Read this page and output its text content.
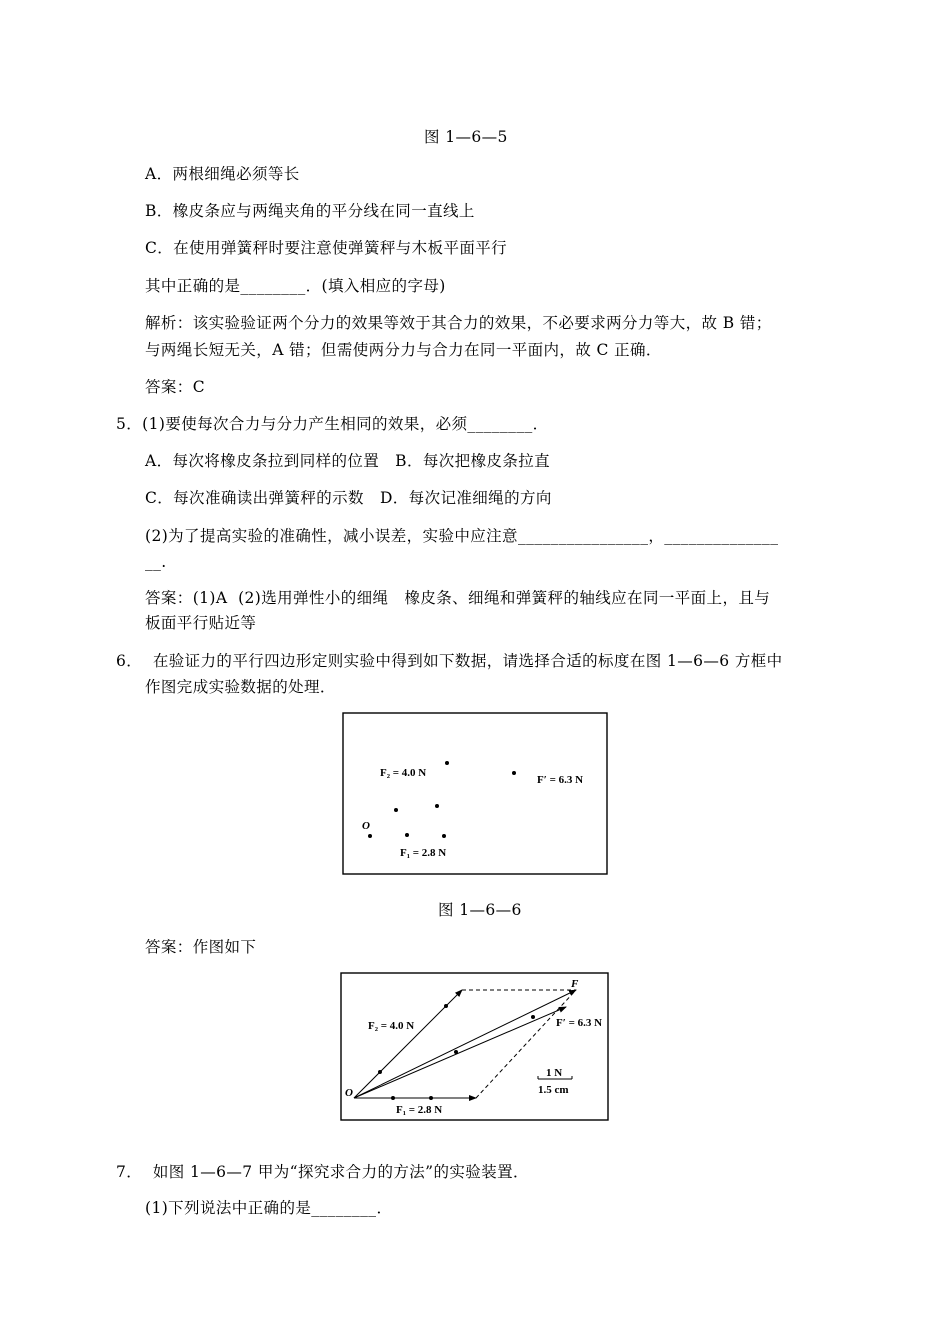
图 1—6—5
A．两根细绳必须等长
B．橡皮条应与两绳夹角的平分线在同一直线上
C．在使用弹簧秤时要注意使弹簧秤与木板平面平行
其中正确的是________．(填入相应的字母)
解析：该实验验证两个分力的效果等效于其合力的效果，不必要求两分力等大，故 B 错；
与两绳长短无关，A 错；但需使两分力与合力在同一平面内，故 C 正确．
答案：C
5．(1)要使每次合力与分力产生相同的效果，必须________．
A．每次将橡皮条拉到同样的位置   B．每次把橡皮条拉直
C．每次准确读出弹簧秤的示数   D．每次记准细绳的方向
(2)为了提高实验的准确性，减小误差，实验中应注意________________，______________
__.
答案：(1)A  (2)选用弹性小的细绳   橡皮条、细绳和弹簧秤的轴线应在同一平面上，且与
板面平行贴近等
6．  在验证力的平行四边形定则实验中得到如下数据，请选择合适的标度在图 1—6—6 方框中
作图完成实验数据的处理．
O
F₂ = 4.0 N
F′ = 6.3 N
F₁ = 2.8 N
图 1—6—6
答案：作图如下
O
F
F₂ = 4.0 N	F′ = 6.3 N
F₁ = 2.8 N
1 N
1.5 cm
7．  如图 1—6—7 甲为“探究求合力的方法”的实验装置．
(1)下列说法中正确的是________．
